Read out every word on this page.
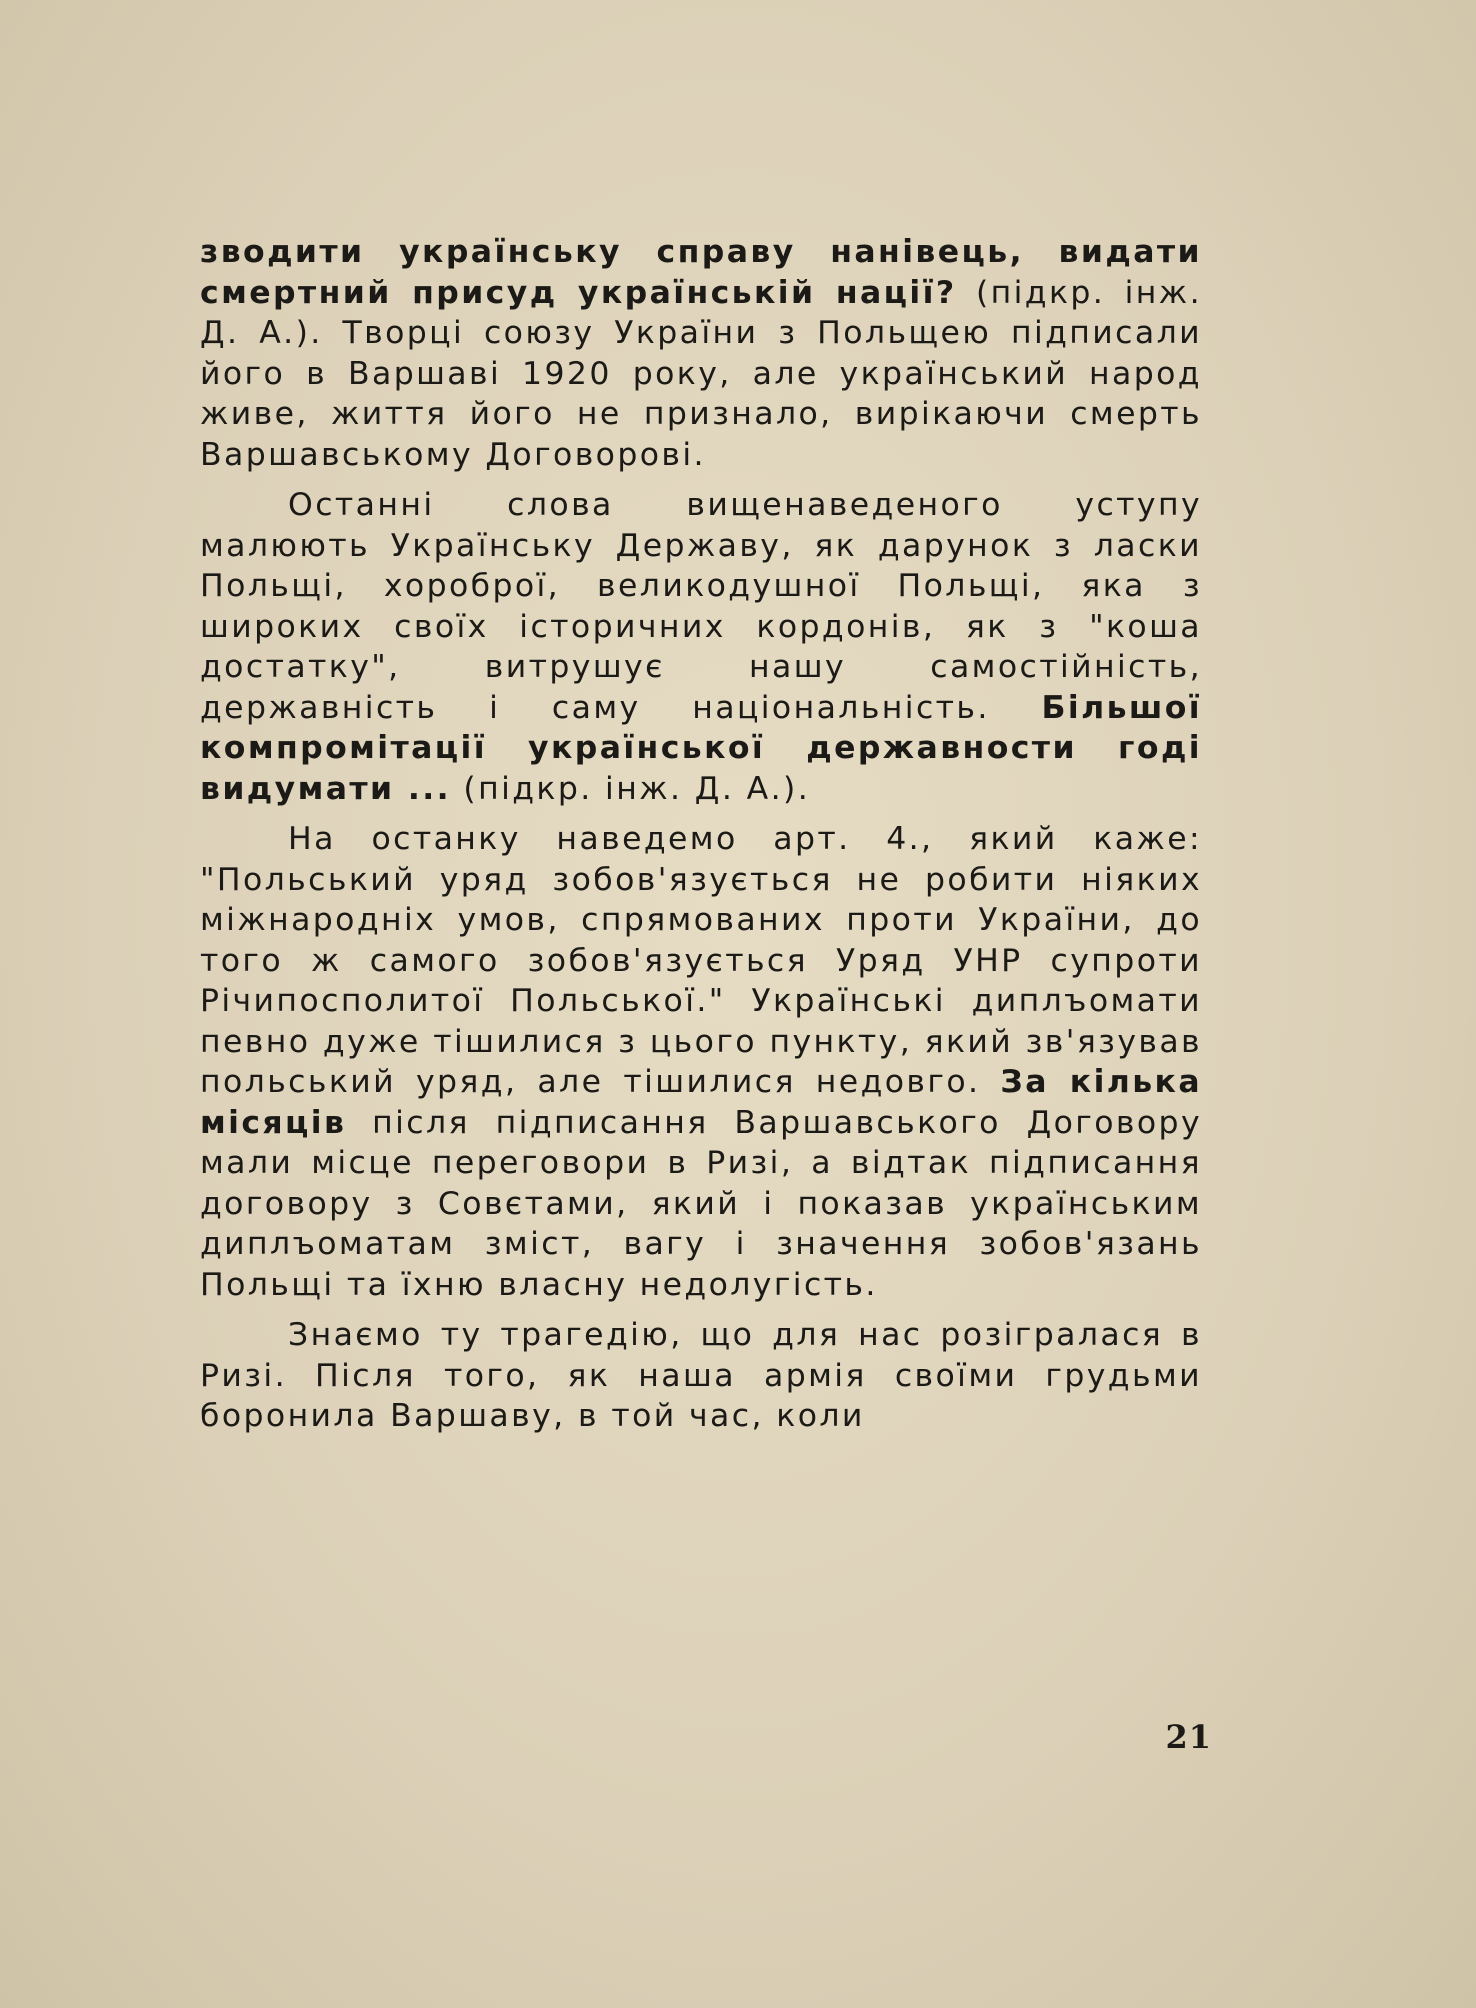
зводити українську справу нанівець, видати смертний присуд українській нації? (підкр. інж. Д. А.). Творці союзу України з Польщею підписали його в Варшаві 1920 року, але український народ живе, життя його не признало, вирікаючи смерть Варшавському Договорові.

Останні слова вищенаведеного уступу малюють Українську Державу, як дарунок з ласки Польщі, хороброї, великодушної Польщі, яка з широких своїх історичних кордонів, як з "коша достатку", витрушує нашу самостійність, державність і саму національність. Більшої компромітації української державности годі видумати ... (підкр. інж. Д. А.).

На останку наведемо арт. 4., який каже: "Польський уряд зобов'язується не робити ніяких міжнародніх умов, спрямованих проти України, до того ж самого зобов'язується Уряд УНР супроти Річипосполитої Польської." Українські диплъомати певно дуже тішилися з цього пункту, який зв'язував польський уряд, але тішилися недовго. За кілька місяців після підписання Варшавського Договору мали місце переговори в Ризі, а відтак підписання договору з Совєтами, який і показав українським диплъоматам зміст, вагу і значення зобов'язань Польщі та їхню власну недолугість.

Знаємо ту трагедію, що для нас розігралася в Ризі. Після того, як наша армія своїми грудьми боронила Варшаву, в той час, коли

21
